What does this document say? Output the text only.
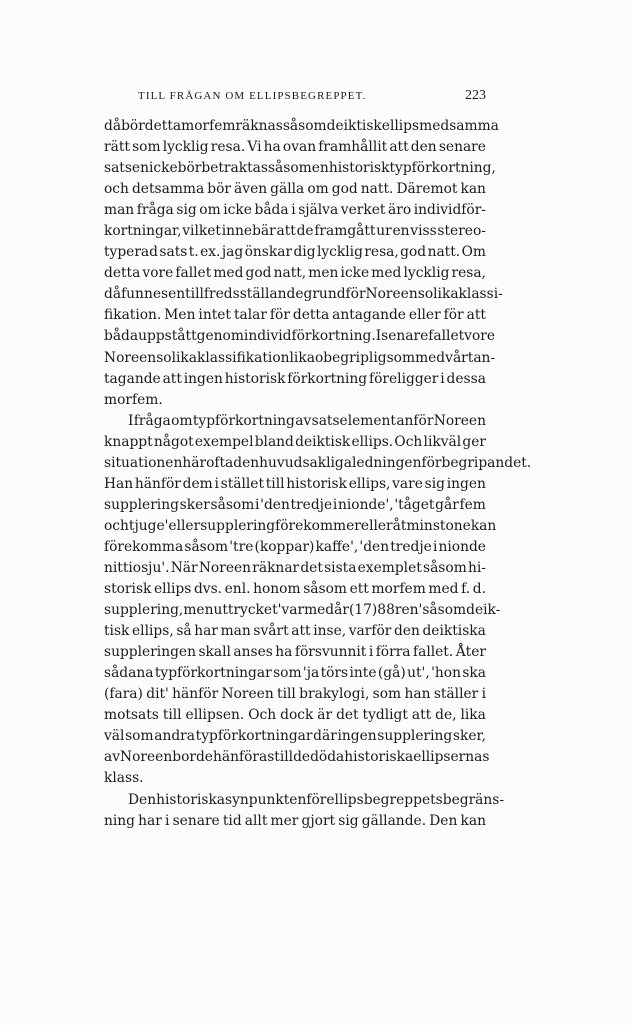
TILL FRÅGAN OM ELLIPSBEGREPPET.	223
då bör detta morfem räknas såsom deiktisk ellips med samma
rätt som lycklig resa. Vi ha ovan framhållit att den senare
satsen icke bör betraktas såsom en historisk typförkortning,
och detsamma bör även gälla om god natt. Däremot kan
man fråga sig om icke båda i själva verket äro individför-
kortningar, vilket innebär att de framgått ur en viss stereo-
typerad sats t. ex. jag önskar dig lycklig resa, god natt. Om
detta vore fallet med god natt, men icke med lycklig resa,
då funnes en tillfredsställande grund för Noreens olika klassi-
fikation. Men intet talar för detta antagande eller för att
båda uppstått genom individförkortning. I senare fallet vore
Noreens olika klassifikation lika obegriplig som med vårt an-
tagande att ingen historisk förkortning föreligger i dessa
morfem.
I fråga om typförkortning av satselement anför Noreen
knappt något exempel bland deiktisk ellips. Och likväl ger
situationen här ofta den huvudsakliga ledningen för begripandet.
Han hänför dem i stället till historisk ellips, vare sig ingen
supplering sker såsom i 'den tredje i nionde', 'tåget går fem
och tjuge' eller supplering förekommer eller åtminstone kan
förekomma såsom 'tre (koppar) kaffe', 'den tredje i nionde
nittiosju'. När Noreen räknar det sista exemplet såsom hi-
storisk ellips dvs. enl. honom såsom ett morfem med f. d.
supplering, men uttrycket 'var med år (17)88 ren' såsom deik-
tisk ellips, så har man svårt att inse, varför den deiktiska
suppleringen skall anses ha försvunnit i förra fallet. Åter
sådana typförkortningar som 'ja törs inte (gå) ut', 'hon ska
(fara) dit' hänför Noreen till brakylogi, som han ställer i
motsats till ellipsen. Och dock är det tydligt att de, lika
väl som andra typförkortningar där ingen supplering sker,
av Noreen borde hänföras till de döda historiska ellipsernas
klass.
Den historiska synpunkten för ellipsbegreppets begräns-
ning har i senare tid allt mer gjort sig gällande. Den kan
